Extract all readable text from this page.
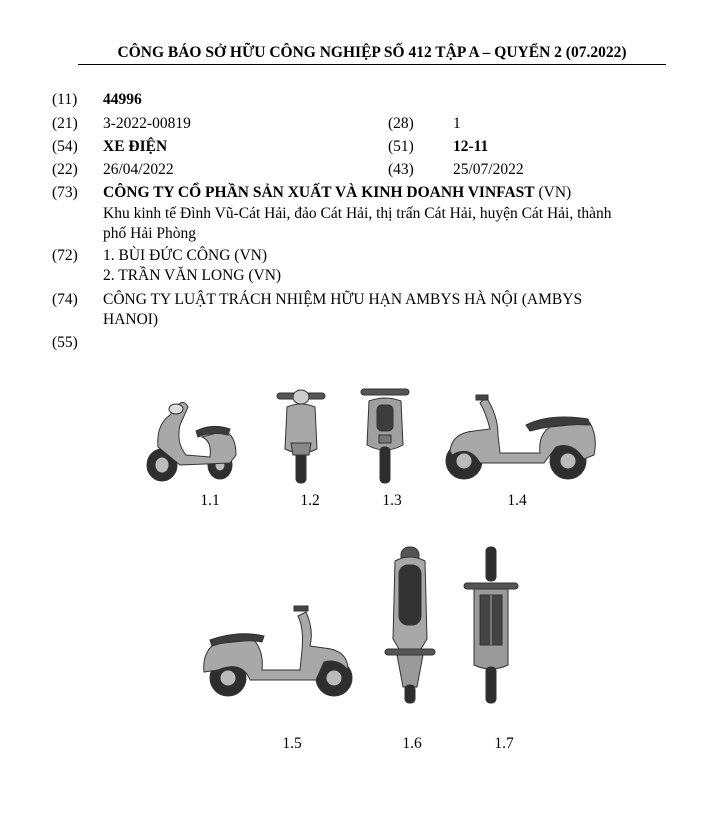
CÔNG BÁO SỞ HỮU CÔNG NGHIỆP SỐ 412 TẬP A – QUYỂN 2 (07.2022)
(11) 44996
(21) 3-2022-00819	(28)	1
(54) XE ĐIỆN	(51)	12-11
(22) 26/04/2022	(43)	25/07/2022
(73) CÔNG TY CỔ PHẦN SẢN XUẤT VÀ KINH DOANH VINFAST (VN)
Khu kinh tế Đình Vũ-Cát Hải, đảo Cát Hải, thị trấn Cát Hải, huyện Cát Hải, thành
phố Hải Phòng
(72) 1. BÙI ĐỨC CÔNG (VN)
2. TRẦN VĂN LONG (VN)
(74) CÔNG TY LUẬT TRÁCH NHIỆM HỮU HẠN AMBYS HÀ NỘI (AMBYS
HANOI)
(55)
1.1	1.2	1.3	1.4
1.5	1.6	1.7
